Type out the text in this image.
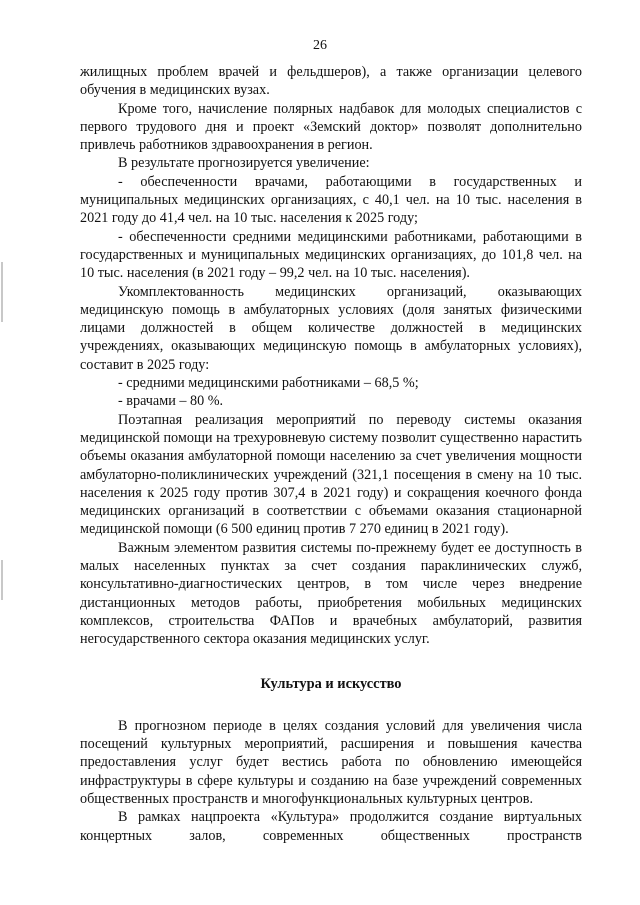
26

жилищных проблем врачей и фельдшеров), а также организации целевого обучения в медицинских вузах.

Кроме того, начисление полярных надбавок для молодых специалистов с первого трудового дня и проект «Земский доктор» позволят дополнительно привлечь работников здравоохранения в регион.

В результате прогнозируется увеличение:

- обеспеченности врачами, работающими в государственных и муниципальных медицинских организациях, с 40,1 чел. на 10 тыс. населения в 2021 году до 41,4 чел. на 10 тыс. населения к 2025 году;

- обеспеченности средними медицинскими работниками, работающими в государственных и муниципальных медицинских организациях, до 101,8 чел. на 10 тыс. населения (в 2021 году – 99,2 чел. на 10 тыс. населения).

Укомплектованность медицинских организаций, оказывающих медицинскую помощь в амбулаторных условиях (доля занятых физическими лицами должностей в общем количестве должностей в медицинских учреждениях, оказывающих медицинскую помощь в амбулаторных условиях), составит в 2025 году:

- средними медицинскими работниками – 68,5 %;

- врачами – 80 %.

Поэтапная реализация мероприятий по переводу системы оказания медицинской помощи на трехуровневую систему позволит существенно нарастить объемы оказания амбулаторной помощи населению за счет увеличения мощности амбулаторно-поликлинических учреждений (321,1 посещения в смену на 10 тыс. населения к 2025 году против 307,4 в 2021 году) и сокращения коечного фонда медицинских организаций в соответствии с объемами оказания стационарной медицинской помощи (6 500 единиц против 7 270 единиц в 2021 году).

Важным элементом развития системы по-прежнему будет ее доступность в малых населенных пунктах за счет создания параклинических служб, консультативно-диагностических центров, в том числе через внедрение дистанционных методов работы, приобретения мобильных медицинских комплексов, строительства ФАПов и врачебных амбулаторий, развития негосударственного сектора оказания медицинских услуг.

Культура и искусство

В прогнозном периоде в целях создания условий для увеличения числа посещений культурных мероприятий, расширения и повышения качества предоставления услуг будет вестись работа по обновлению имеющейся инфраструктуры в сфере культуры и созданию на базе учреждений современных общественных пространств и многофункциональных культурных центров.

В рамках нацпроекта «Культура» продолжится создание виртуальных концертных залов, современных общественных пространств
